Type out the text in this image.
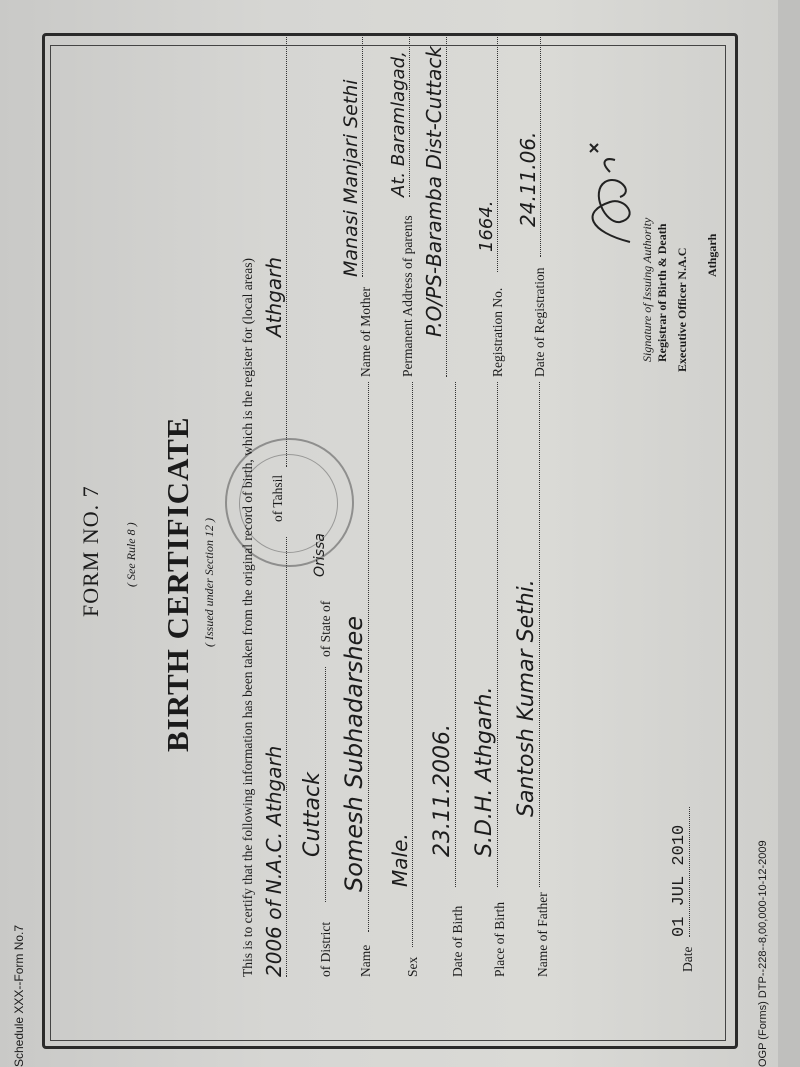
Schedule XXX--Form No.7
FORM NO. 7 ( See Rule 8 ) BIRTH CERTIFICATE ( Issued under Section 12 ) This is to certify that the following information has been taken from the original record of birth, which is the register for (local areas) 2006 of N.A.C. Athgarh
of Tahsil
Athgarh
of District
Cuttack
of State of
Orissa
Name
Somesh Subhadarshee
Name of Mother
Manasi Manjari Sethi
Sex
Male.
Permanent Address of parents
At. Baramlagad, P.O/PS-Baramba Dist-Cuttack
Date of Birth
23.11.2006.
Place of Birth
S.D.H. Athgarh.
Registration No.
1664.
Name of Father
Santosh Kumar Sethi.
Date of Registration
24.11.06.
Date
01 JUL 2010
Signature of Issuing Authority Registrar of Birth & Death Executive Officer N.A.C Athgarh
OGP (Forms) DTP--228--8,00,000-10-12-2009
